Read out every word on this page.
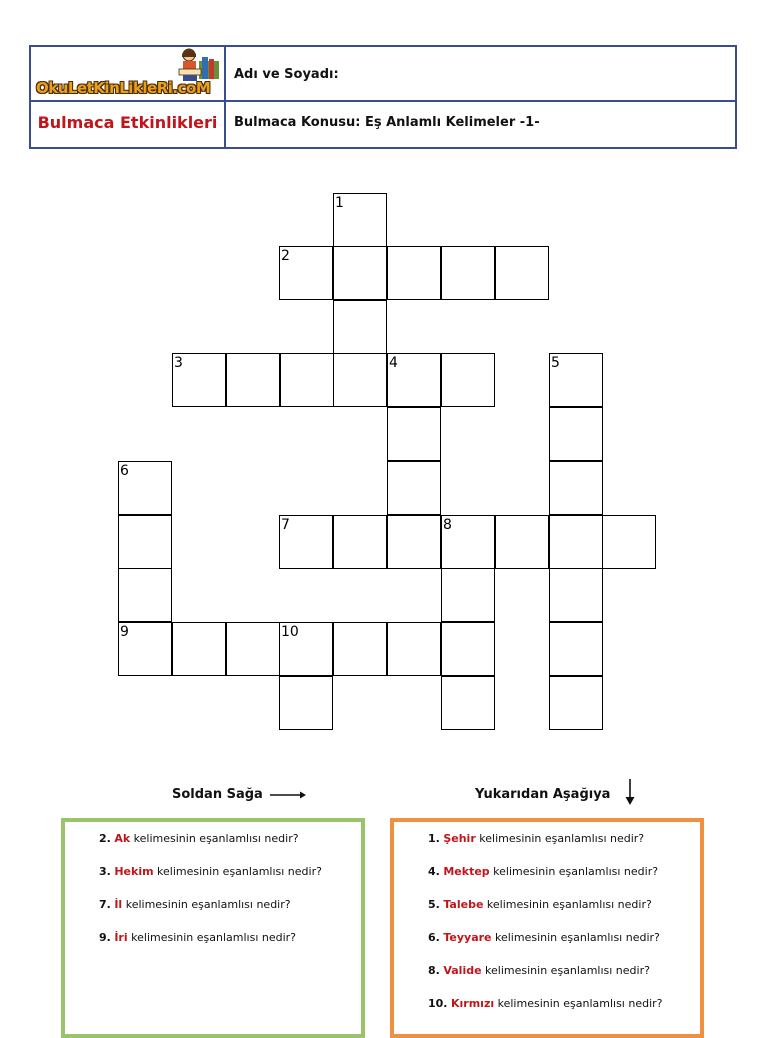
OkuLetKinLikleRi.coM
Adı ve Soyadı:
Bulmaca Etkinlikleri	Bulmaca Konusu: Eş Anlamlı Kelimeler -1-
1
2
3	4	5
6
7	8
9	10
Soldan Sağa	Yukarıdan Aşağıya
2. Ak kelimesinin eşanlamlısı nedir?
3. Hekim kelimesinin eşanlamlısı nedir?
7. İl kelimesinin eşanlamlısı nedir?
9. İri kelimesinin eşanlamlısı nedir?
1. Şehir kelimesinin eşanlamlısı nedir?
4. Mektep kelimesinin eşanlamlısı nedir?
5. Talebe kelimesinin eşanlamlısı nedir?
6. Teyyare kelimesinin eşanlamlısı nedir?
8. Valide kelimesinin eşanlamlısı nedir?
10. Kırmızı kelimesinin eşanlamlısı nedir?
